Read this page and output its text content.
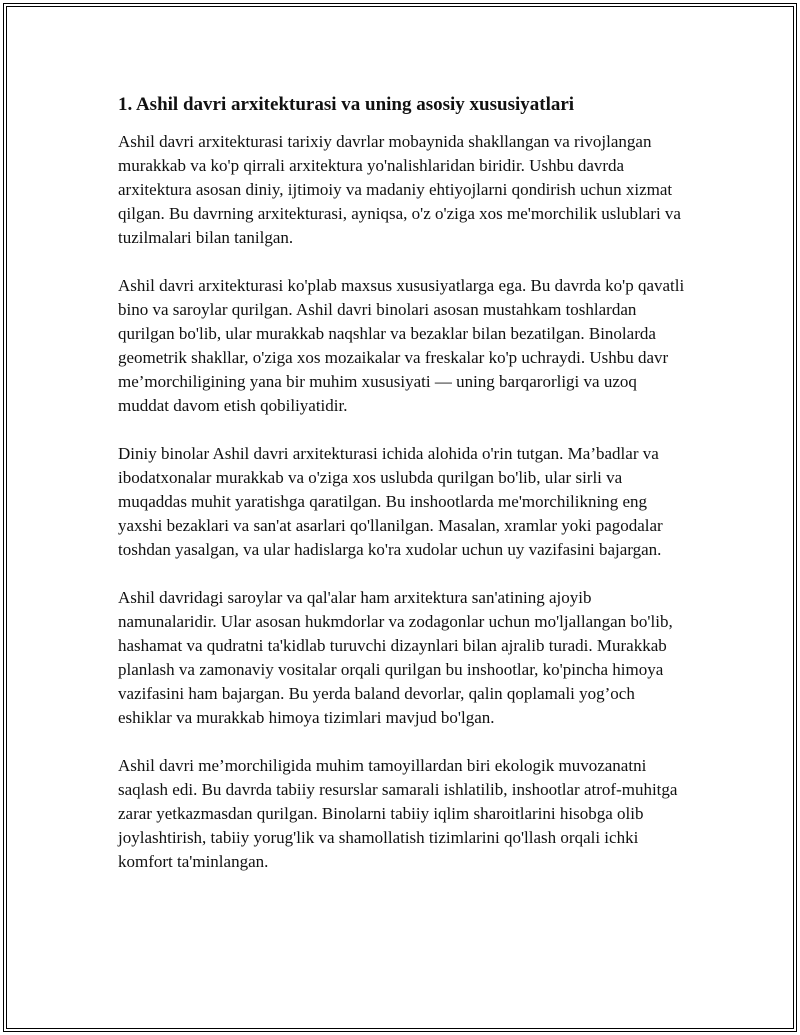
1. Ashil davri arxitekturasi va uning asosiy xususiyatlari

Ashil davri arxitekturasi tarixiy davrlar mobaynida shakllangan va rivojlangan murakkab va ko'p qirrali arxitektura yo'nalishlaridan biridir. Ushbu davrda arxitektura asosan diniy, ijtimoiy va madaniy ehtiyojlarni qondirish uchun xizmat qilgan. Bu davrning arxitekturasi, ayniqsa, o'z o'ziga xos me'morchilik uslublari va tuzilmalari bilan tanilgan.

Ashil davri arxitekturasi ko'plab maxsus xususiyatlarga ega. Bu davrda ko'p qavatli bino va saroylar qurilgan. Ashil davri binolari asosan mustahkam toshlardan qurilgan bo'lib, ular murakkab naqshlar va bezaklar bilan bezatilgan. Binolarda geometrik shakllar, o'ziga xos mozaikalar va freskalar ko'p uchraydi. Ushbu davr me’morchiligining yana bir muhim xususiyati — uning barqarorligi va uzoq muddat davom etish qobiliyatidir.

Diniy binolar Ashil davri arxitekturasi ichida alohida o'rin tutgan. Ma’badlar va ibodatxonalar murakkab va o'ziga xos uslubda qurilgan bo'lib, ular sirli va muqaddas muhit yaratishga qaratilgan. Bu inshootlarda me'morchilikning eng yaxshi bezaklari va san'at asarlari qo'llanilgan. Masalan, xramlar yoki pagodalar toshdan yasalgan, va ular hadislarga ko'ra xudolar uchun uy vazifasini bajargan.

Ashil davridagi saroylar va qal'alar ham arxitektura san'atining ajoyib namunalaridir. Ular asosan hukmdorlar va zodagonlar uchun mo'ljallangan bo'lib, hashamat va qudratni ta'kidlab turuvchi dizaynlari bilan ajralib turadi. Murakkab planlash va zamonaviy vositalar orqali qurilgan bu inshootlar, ko'pincha himoya vazifasini ham bajargan. Bu yerda baland devorlar, qalin qoplamali yog’och eshiklar va murakkab himoya tizimlari mavjud bo'lgan.

Ashil davri me’morchiligida muhim tamoyillardan biri ekologik muvozanatni saqlash edi. Bu davrda tabiiy resurslar samarali ishlatilib, inshootlar atrof-muhitga zarar yetkazmasdan qurilgan. Binolarni tabiiy iqlim sharoitlarini hisobga olib joylashtirish, tabiiy yorug'lik va shamollatish tizimlarini qo'llash orqali ichki komfort ta'minlangan.
